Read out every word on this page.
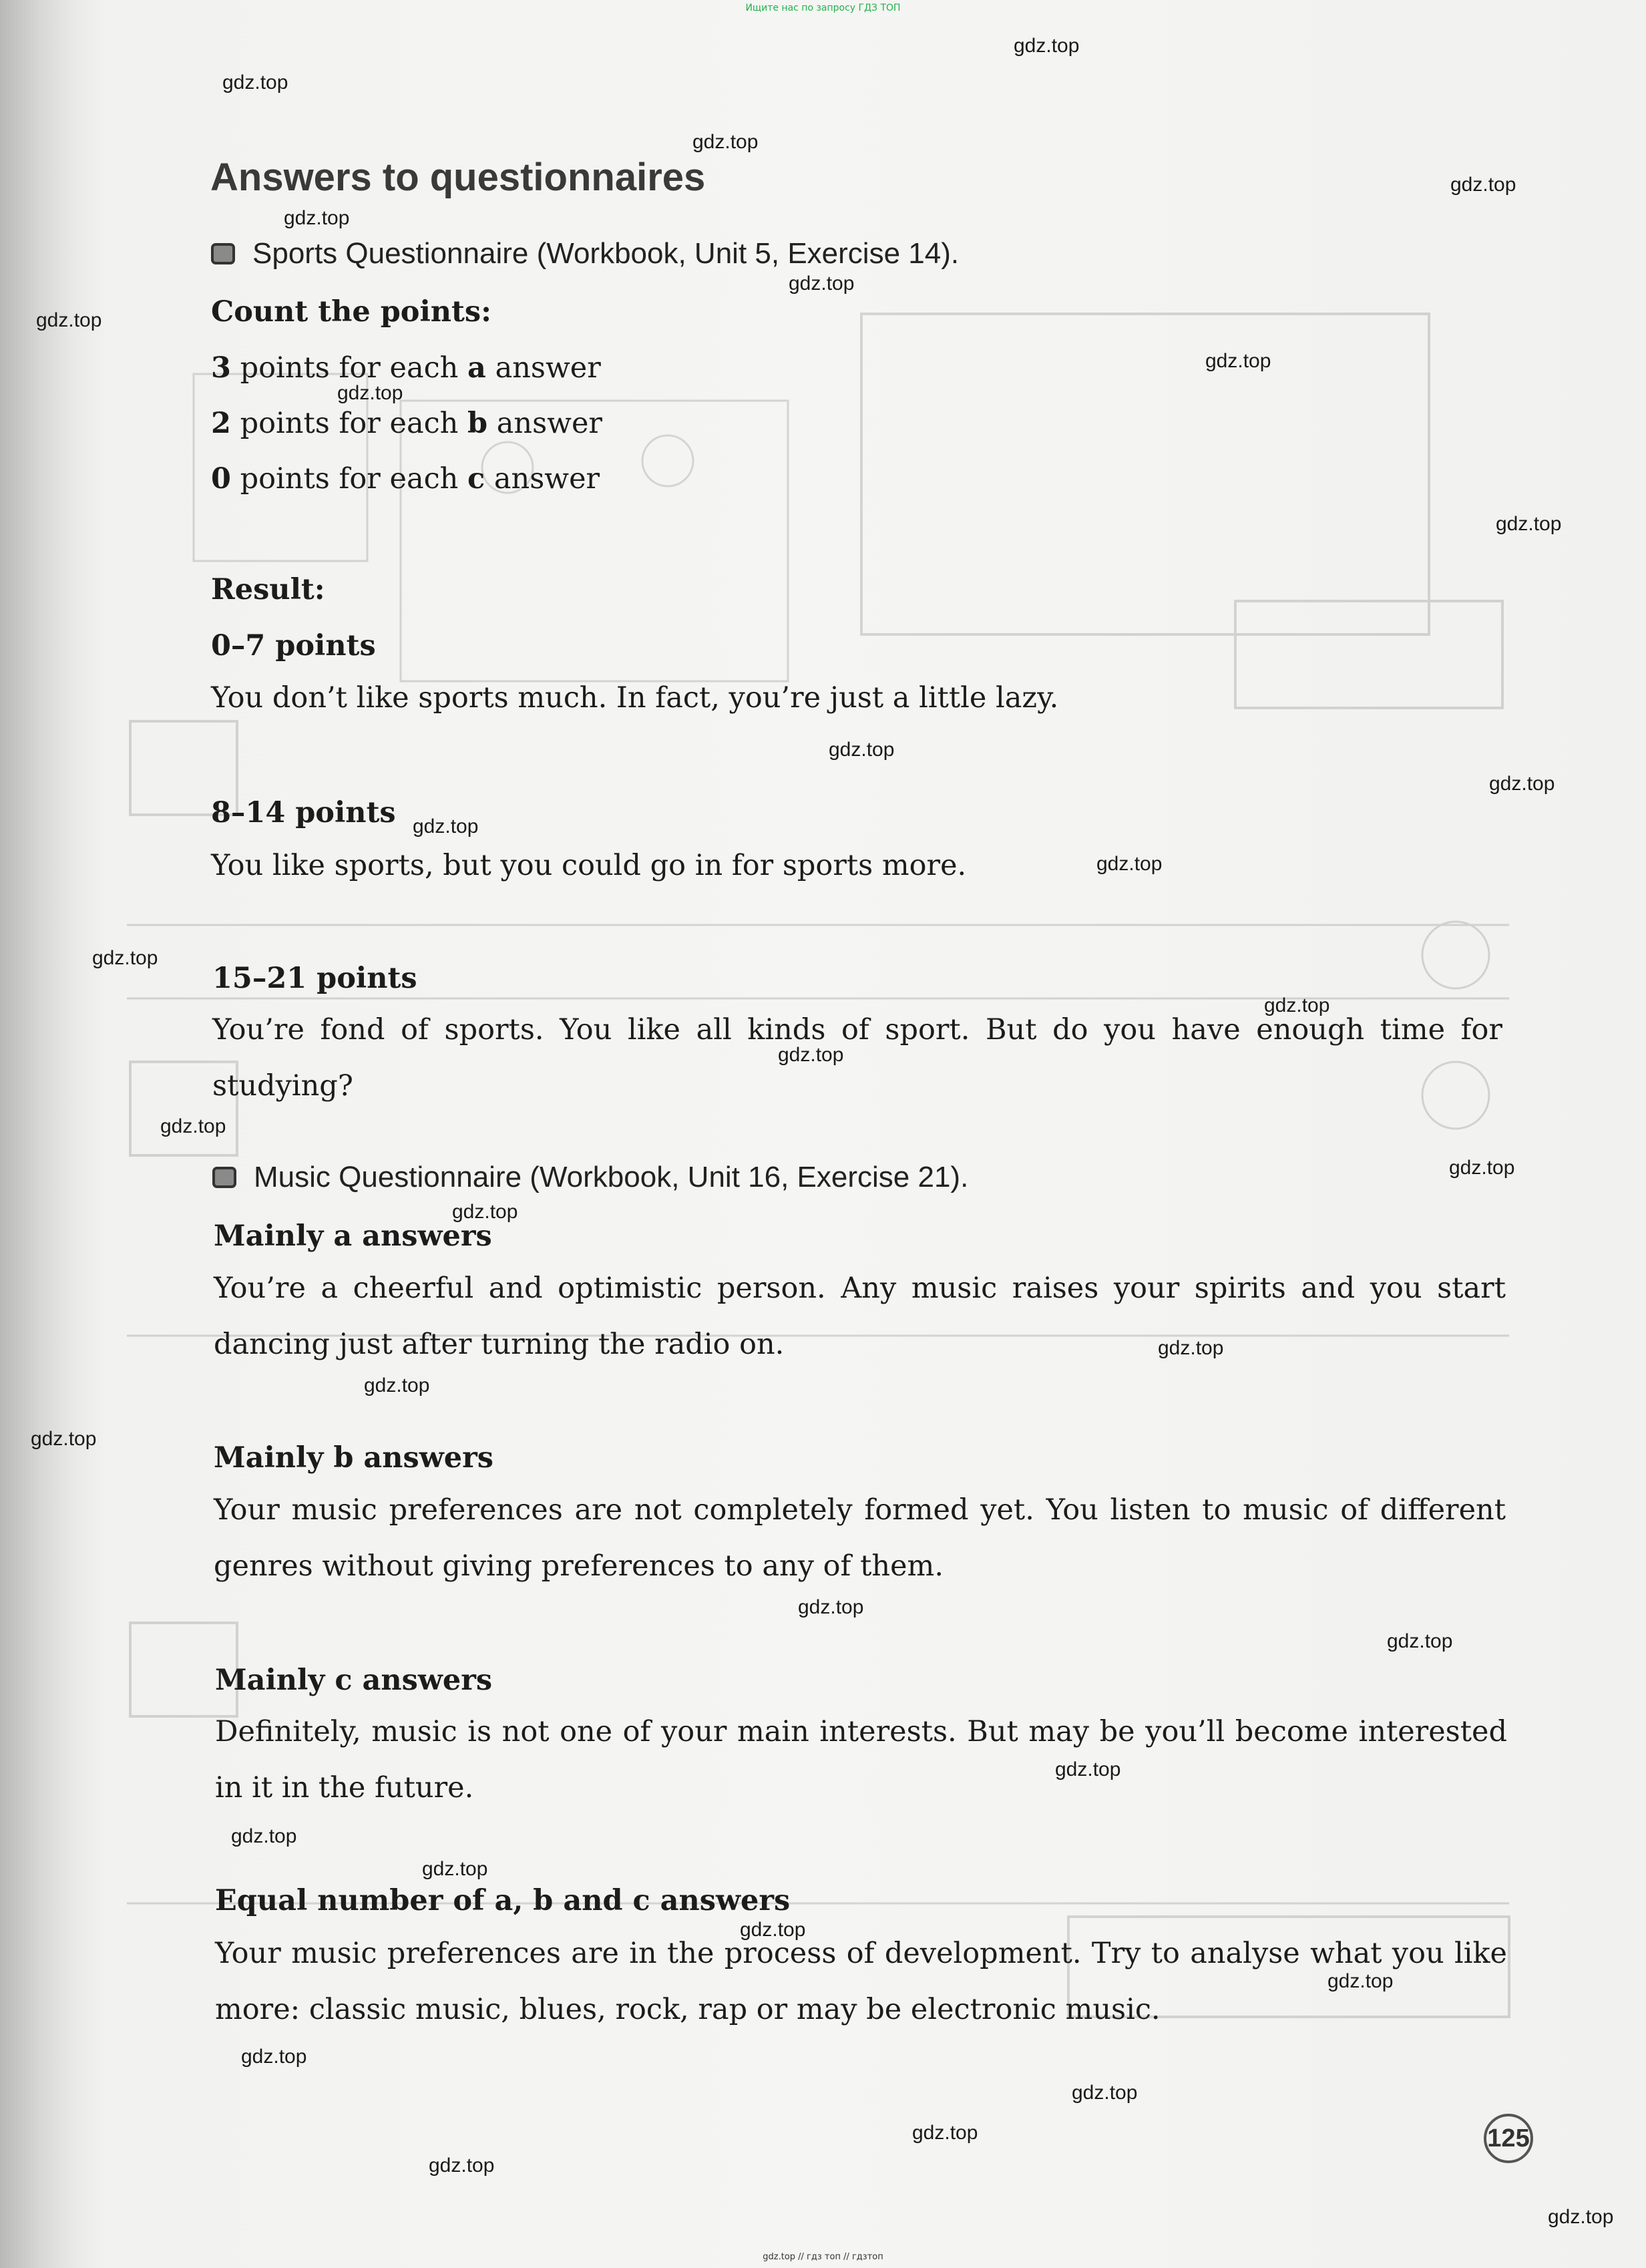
Ищите нас по запросу ГДЗ ТОП
gdz.top
gdz.top
gdz.top
gdz.top
gdz.top
gdz.top
gdz.top
gdz.top
gdz.top
gdz.top
gdz.top
gdz.top
gdz.top
gdz.top
gdz.top
gdz.top
gdz.top
gdz.top
gdz.top
gdz.top
gdz.top
gdz.top
gdz.top
gdz.top
gdz.top
gdz.top
gdz.top
gdz.top
gdz.top
gdz.top
gdz.top
gdz.top
gdz.top
gdz.top
gdz.top
Answers to questionnaires
Sports Questionnaire (Workbook, Unit 5, Exercise 14).
Count the points:
3 points for each a answer
2 points for each b answer
0 points for each c answer
Result:
0–7 points
You don’t like sports much. In fact, you’re just a little lazy.
8–14 points
You like sports, but you could go in for sports more.
15–21 points
You’re fond of sports. You like all kinds of sport. But do you have enough time for studying?
Music Questionnaire (Workbook, Unit 16, Exercise 21).
Mainly a answers
You’re a cheerful and optimistic person. Any music raises your spirits and you start dancing just after turning the radio on.
Mainly b answers
Your music preferences are not completely formed yet. You listen to music of different genres without giving preferences to any of them.
Mainly c answers
Definitely, music is not one of your main interests. But may be you’ll become interested in it in the future.
Equal number of a, b and c answers
Your music preferences are in the process of development. Try to analyse what you like more: classic music, blues, rock, rap or may be electronic music.
125
gdz.top // гдз топ // гдзтоп
